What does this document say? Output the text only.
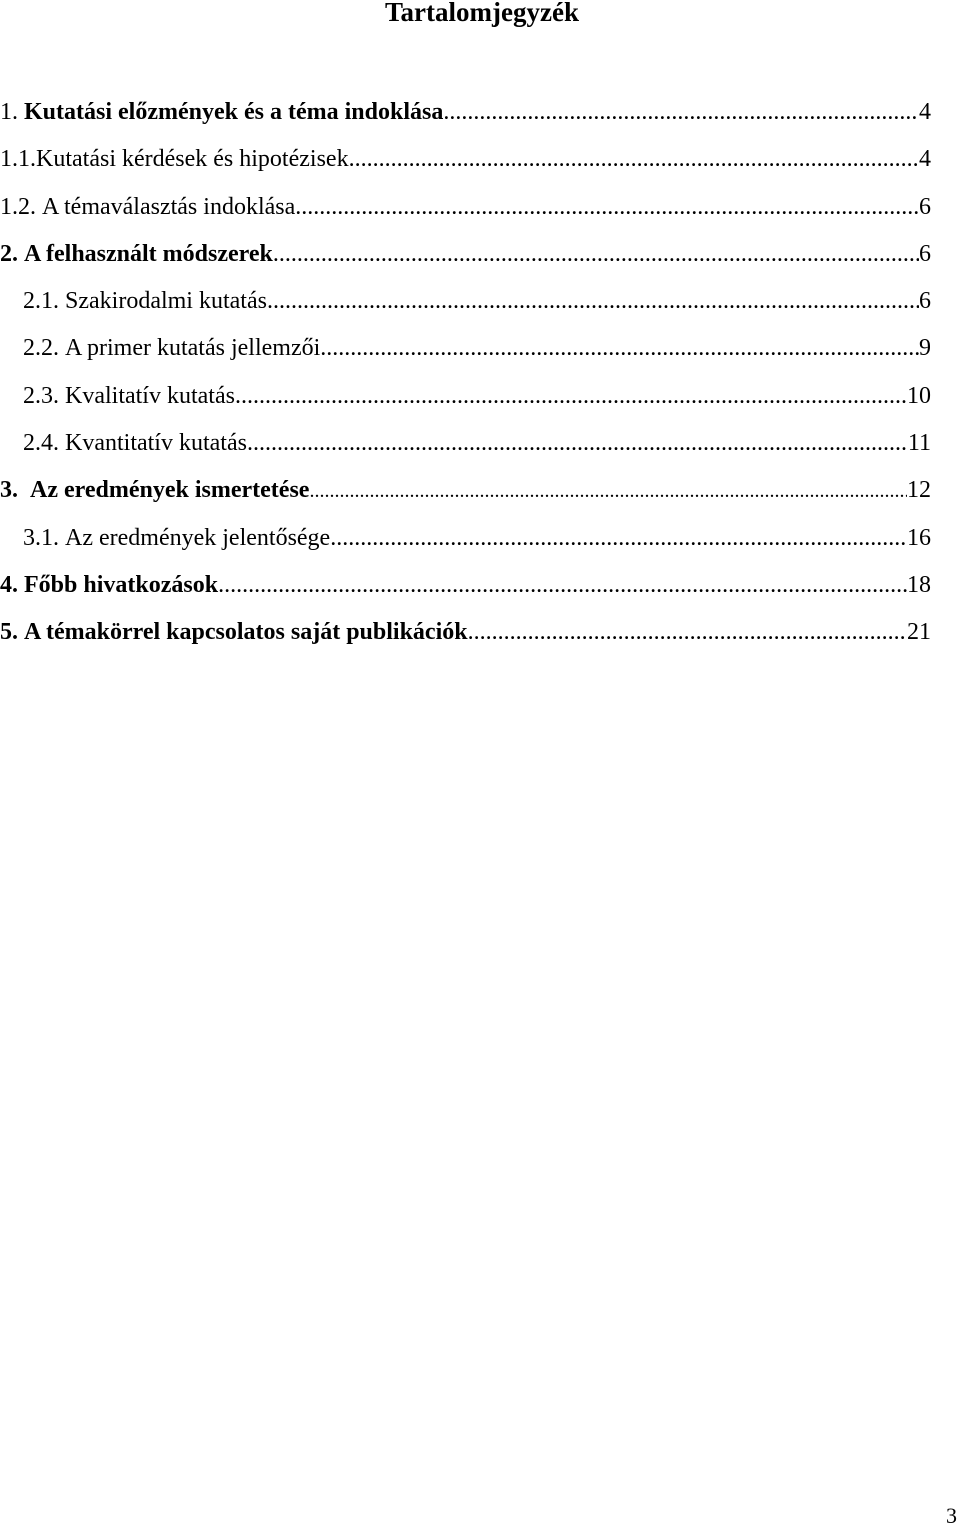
Tartalomjegyzék
1. Kutatási előzmények és a téma indoklása .....	4
1.1. Kutatási kérdések és hipotézisek .....	4
1.2. A témaválasztás indoklása .....	6
2. A felhasznált módszerek .....	6
2.1. Szakirodalmi kutatás .....	6
2.2. A primer kutatás jellemzői .....	9
2.3. Kvalitatív kutatás .....	10
2.4. Kvantitatív kutatás .....	11
3. Az eredmények ismertetése .....	12
3.1. Az eredmények jelentősége .....	16
4. Főbb hivatkozások .....	18
5. A témakörrel kapcsolatos saját publikációk .....	21
3
